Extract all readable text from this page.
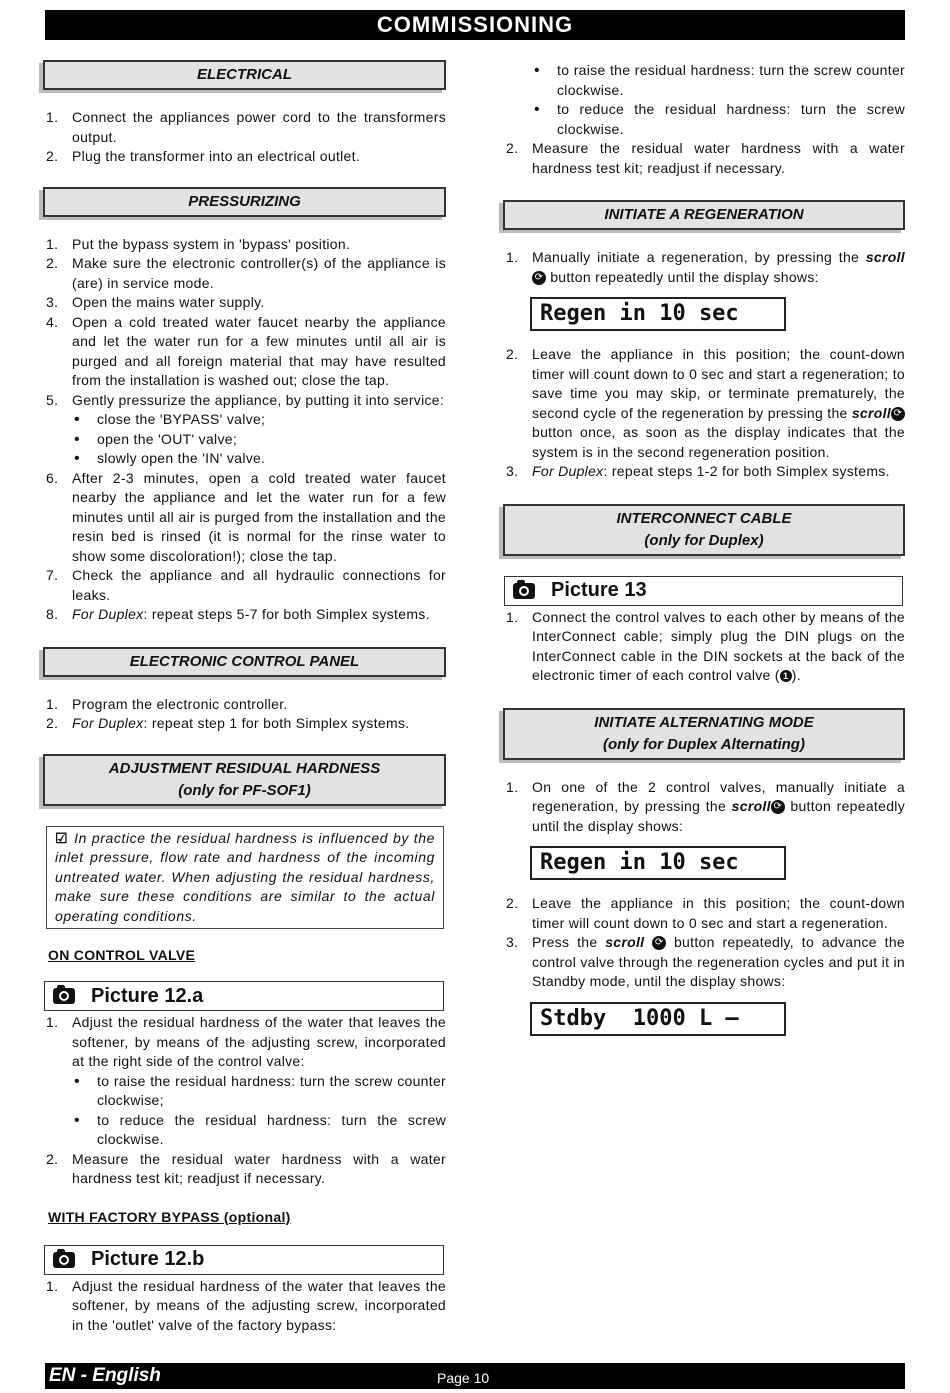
COMMISSIONING
ELECTRICAL
1. Connect the appliances power cord to the transformers output.
2. Plug the transformer into an electrical outlet.
PRESSURIZING
1. Put the bypass system in 'bypass' position.
2. Make sure the electronic controller(s) of the appliance is (are) in service mode.
3. Open the mains water supply.
4. Open a cold treated water faucet nearby the appliance and let the water run for a few minutes until all air is purged and all foreign material that may have resulted from the installation is washed out; close the tap.
5. Gently pressurize the appliance, by putting it into service:
• close the 'BYPASS' valve;
• open the 'OUT' valve;
• slowly open the 'IN' valve.
6. After 2-3 minutes, open a cold treated water faucet nearby the appliance and let the water run for a few minutes until all air is purged from the installation and the resin bed is rinsed (it is normal for the rinse water to show some discoloration!); close the tap.
7. Check the appliance and all hydraulic connections for leaks.
8. For Duplex: repeat steps 5-7 for both Simplex systems.
ELECTRONIC CONTROL PANEL
1. Program the electronic controller.
2. For Duplex: repeat step 1 for both Simplex systems.
ADJUSTMENT RESIDUAL HARDNESS
(only for PF-SOF1)
☑ In practice the residual hardness is influenced by the inlet pressure, flow rate and hardness of the incoming untreated water. When adjusting the residual hardness, make sure these conditions are similar to the actual operating conditions.
ON CONTROL VALVE
Picture 12.a
1. Adjust the residual hardness of the water that leaves the softener, by means of the adjusting screw, incorporated at the right side of the control valve:
• to raise the residual hardness: turn the screw counter clockwise;
• to reduce the residual hardness: turn the screw clockwise.
2. Measure the residual water hardness with a water hardness test kit; readjust if necessary.
WITH FACTORY BYPASS (optional)
Picture 12.b
1. Adjust the residual hardness of the water that leaves the softener, by means of the adjusting screw, incorporated in the 'outlet' valve of the factory bypass:
• to raise the residual hardness: turn the screw counter clockwise.
• to reduce the residual hardness: turn the screw clockwise.
2. Measure the residual water hardness with a water hardness test kit; readjust if necessary.
INITIATE A REGENERATION
1. Manually initiate a regeneration, by pressing the scroll ⟳ button repeatedly until the display shows:
Regen in 10 sec
2. Leave the appliance in this position; the count-down timer will count down to 0 sec and start a regeneration; to save time you may skip, or terminate prematurely, the second cycle of the regeneration by pressing the scroll ⟳ button once, as soon as the display indicates that the system is in the second regeneration position.
3. For Duplex: repeat steps 1-2 for both Simplex systems.
INTERCONNECT CABLE
(only for Duplex)
Picture 13
1. Connect the control valves to each other by means of the InterConnect cable; simply plug the DIN plugs on the InterConnect cable in the DIN sockets at the back of the electronic timer of each control valve ( 1 ).
INITIATE ALTERNATING MODE
(only for Duplex Alternating)
1. On one of the 2 control valves, manually initiate a regeneration, by pressing the scroll ⟳ button repeatedly until the display shows:
Regen in 10 sec
2. Leave the appliance in this position; the count-down timer will count down to 0 sec and start a regeneration.
3. Press the scroll ⟳ button repeatedly, to advance the control valve through the regeneration cycles and put it in Standby mode, until the display shows:
Stdby  1000 L –
EN - English	Page 10
